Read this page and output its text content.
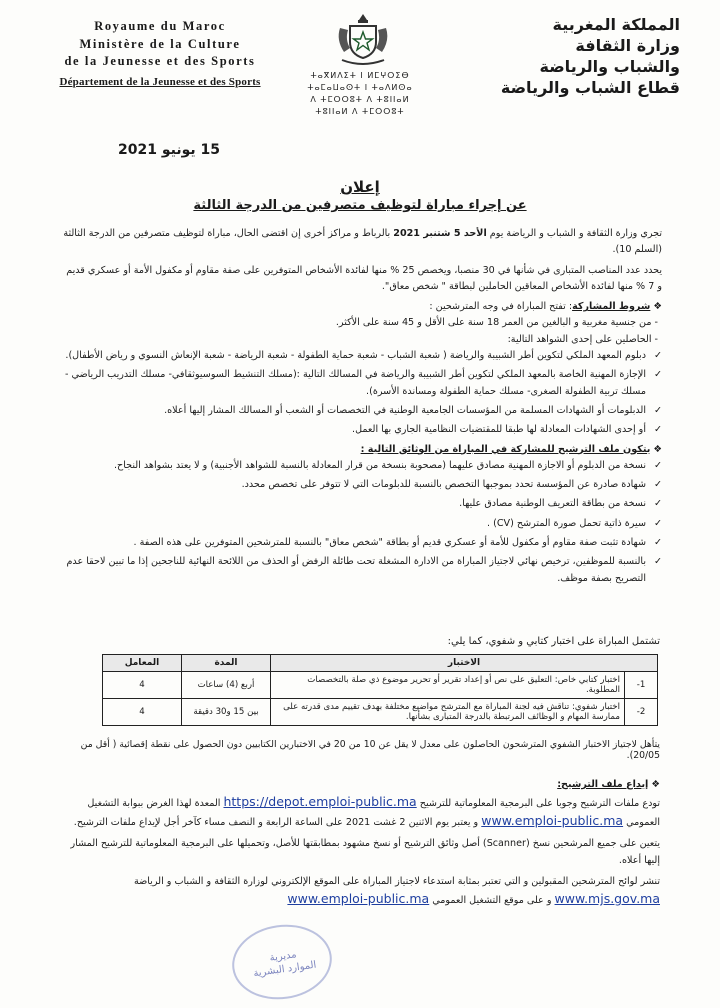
Royaume du Maroc
Ministère de la Culture
de la Jeunesse et des Sports
Département de la Jeunesse et des Sports	ⵜⴰⴳⵍⴷⵉⵜ ⵏ ⵍⵎⵖⵔⵉⴱ
ⵜⴰⵎⴰⵡⴰⵙⵜ ⵏ ⵜⴰⴷⵍⵙⴰ
ⴷ ⵜⵎⵔⵔⵓⵜ ⴷ ⵜⵓⵏⵏⴰⵍ
ⵜⵓⵏⵏⴰⵍ ⴷ ⵜⵎⵔⵔⵓⵜ
المملكة المغربية
وزارة الثقافة
والشباب والرياضة
قطاع الشباب والرياضة
15 يونيو 2021
إعلان
عن إجراء مباراة لتوظيف متصرفين من الدرجة الثالثة

تجري وزارة الثقافة و الشباب و الرياضة يوم الأحد 5 شتنبر 2021 بالرباط و مراكز أخرى إن اقتضى الحال، مباراة لتوظيف متصرفين من الدرجة الثالثة (السلم 10).

يحدد عدد المناصب المتبارى في شأنها في 30 منصبا، ويخصص 25 % منها لفائدة الأشخاص المتوفرين على صفة مقاوم أو مكفول الأمة أو عسكري قديم و 7 % منها لفائدة الأشخاص المعاقين الحاملين لبطاقة " شخص معاق".

❖ شروط المشاركة: تفتح المباراة في وجه المترشحين :
- من جنسية مغربية و البالغين من العمر 18 سنة على الأقل و 45 سنة على الأكثر.
- الحاصلين على إحدى الشواهد التالية:
✓
دبلوم المعهد الملكي لتكوين أطر الشبيبة والرياضة ( شعبة الشباب - شعبة حماية الطفولة - شعبة الرياضة - شعبة الإنعاش النسوي و رياض الأطفال).
✓
الإجازة المهنية الخاصة بالمعهد الملكي لتكوين أطر الشبيبة والرياضة في المسالك التالية :(مسلك التنشيط السوسيوثقافي- مسلك التدريب الرياضي - مسلك تربية الطفولة الصغرى- مسلك حماية الطفولة ومساندة الأسرة).
✓
الدبلومات أو الشهادات المسلمة من المؤسسات الجامعية الوطنية في التخصصات أو الشعب أو المسالك المشار إليها أعلاه.
✓
أو إحدى الشهادات المعادلة لها طبقا للمقتضيات النظامية الجاري بها العمل.
❖ يتكون ملف الترشيح للمشاركة في المباراة من الوثائق التالية :
✓
نسخة من الدبلوم أو الاجازة المهنية مصادق عليهما (مصحوبة بنسخة من قرار المعادلة بالنسبة للشواهد الأجنبية) و لا يعتد بشواهد النجاح.
✓
شهادة صادرة عن المؤسسة تحدد بموجبها التخصص بالنسبة للدبلومات التي لا تتوفر على تخصص محدد.
✓
نسخة من بطاقة التعريف الوطنية مصادق عليها.
✓
سيرة ذاتية تحمل صورة المترشح (CV) .
✓
شهادة تثبت صفة مقاوم أو مكفول للأمة أو عسكري قديم أو بطاقة "شخص معاق" بالنسبة للمترشحين المتوفرين على هذه الصفة .
✓
بالنسبة للموظفين، ترخيص نهائي لاجتياز المباراة من الادارة المشغلة تحت طائلة الرفض أو الحذف من اللائحة النهائية للناجحين إذا ما تبين لاحقا عدم التصريح بصفة موظف.
تشتمل المباراة على اختبار كتابي و شفوي، كما يلي:
الاختبار		المدة	المعامل
1-	اختبار كتابي خاص: التعليق على نص أو إعداد تقرير أو تحرير موضوع ذي صلة بالتخصصات المطلوبة.	أربع (4) ساعات	4
2-	اختبار شفوي: تناقش فيه لجنة المباراة مع المترشح مواضيع مختلفة بهدف تقييم مدى قدرته على ممارسة المهام و الوظائف المرتبطة بالدرجة المتبارى بشأنها.	بين 15 و30 دقيقة	4
يتأهل لاجتياز الاختبار الشفوي المترشحون الحاصلون على معدل لا يقل عن 10 من 20 في الاختبارين الكتابيين دون الحصول على نقطة إقصائية ( أقل من 20/05).
❖ إيداع ملف الترشيح:

تودع ملفات الترشيح وجوبا على البرمجية المعلوماتية للترشيح https://depot.emploi-public.ma المعدة لهذا الغرض ببوابة التشغيل العمومي www.emploi-public.ma و يعتبر يوم الاثنين 2 غشت 2021 على الساعة الرابعة و النصف مساء كآخر أجل لإيداع ملفات الترشيح.

يتعين على جميع المرشحين نسخ (Scanner) أصل وثائق الترشيح أو نسخ مشهود بمطابقتها للأصل، وتحميلها على البرمجية المعلوماتية للترشيح المشار إليها أعلاه.

تنشر لوائح المترشحين المقبولين و التي تعتبر بمثابة استدعاء لاجتياز المباراة على الموقع الإلكتروني لوزارة الثقافة و الشباب و الرياضة www.mjs.gov.ma و على موقع التشغيل العمومي www.emploi-public.ma

مديرية
الموارد البشرية
